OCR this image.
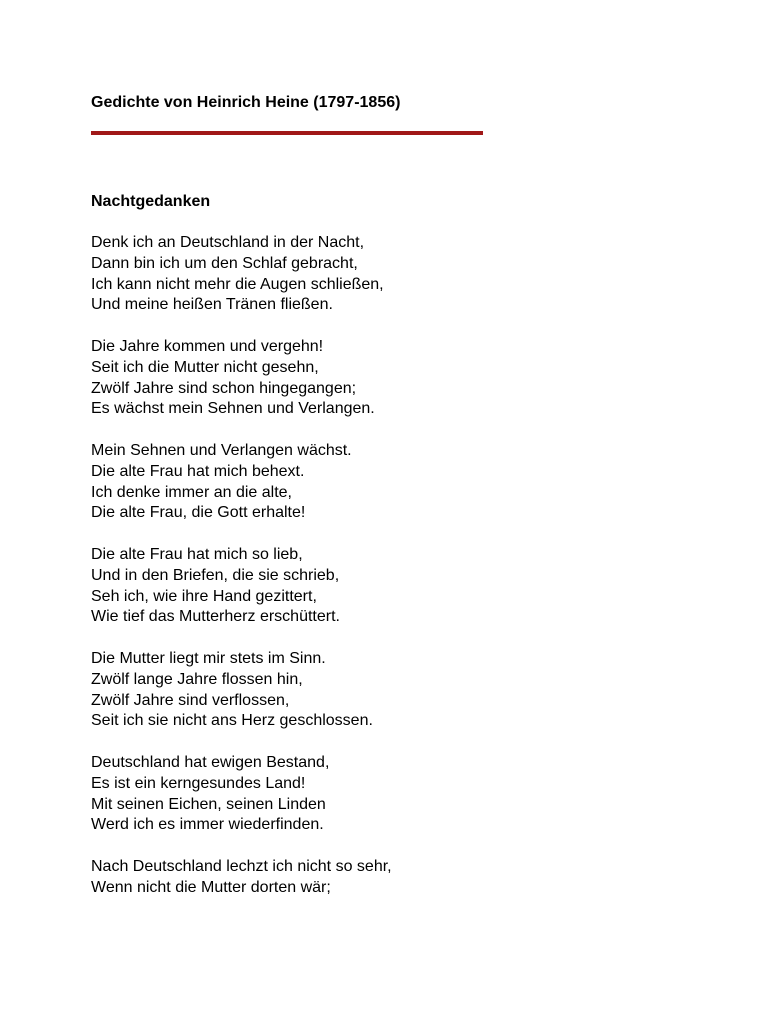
Gedichte von Heinrich Heine (1797-1856)
Nachtgedanken
Denk ich an Deutschland in der Nacht,
Dann bin ich um den Schlaf gebracht,
Ich kann nicht mehr die Augen schließen,
Und meine heißen Tränen fließen.
Die Jahre kommen und vergehn!
Seit ich die Mutter nicht gesehn,
Zwölf Jahre sind schon hingegangen;
Es wächst mein Sehnen und Verlangen.
Mein Sehnen und Verlangen wächst.
Die alte Frau hat mich behext.
Ich denke immer an die alte,
Die alte Frau, die Gott erhalte!
Die alte Frau hat mich so lieb,
Und in den Briefen, die sie schrieb,
Seh ich, wie ihre Hand gezittert,
Wie tief das Mutterherz erschüttert.
Die Mutter liegt mir stets im Sinn.
Zwölf lange Jahre flossen hin,
Zwölf Jahre sind verflossen,
Seit ich sie nicht ans Herz geschlossen.
Deutschland hat ewigen Bestand,
Es ist ein kerngesundes Land!
Mit seinen Eichen, seinen Linden
Werd ich es immer wiederfinden.
Nach Deutschland lechzt ich nicht so sehr,
Wenn nicht die Mutter dorten wär;
